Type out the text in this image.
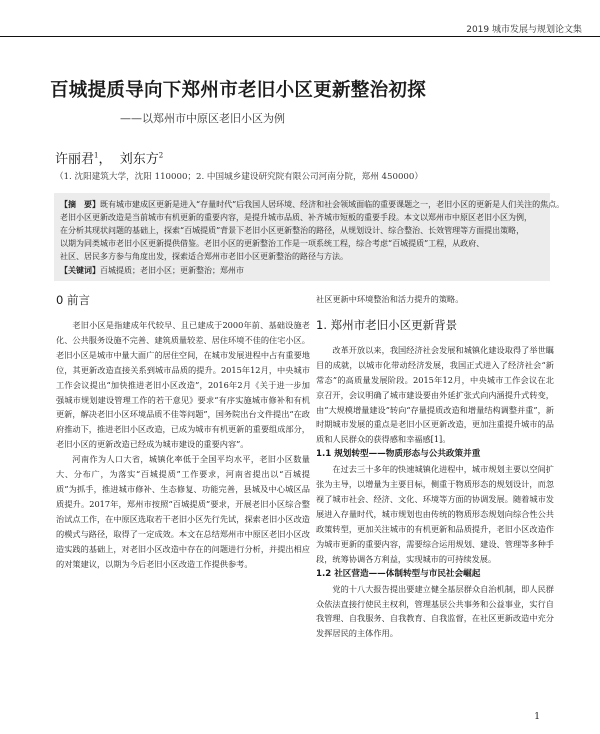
2019 城市发展与规划论文集
百城提质导向下郑州市老旧小区更新整治初探
——以郑州市中原区老旧小区为例
许丽君$^1$，  刘东方$^2$
（1. 沈阳建筑大学，沈阳 110000；2. 中国城乡建设研究院有限公司河南分院，郑州 450000）
【摘　要】既有城市建成区更新是进入“存量时代”后我国人居环境、经济和社会领域面临的重要课题之一，老旧小区的更新是人们关注的焦点。
老旧小区更新改造是当前城市有机更新的重要内容，是提升城市品质、补齐城市短板的重要手段。本文以郑州市中原区老旧小区为例，
在分析其现状问题的基础上，探索“百城提质”背景下老旧小区更新整治的路径，从规划设计、综合整治、长效管理等方面提出策略，
以期为同类城市老旧小区更新提供借鉴。老旧小区的更新整治工作是一项系统工程，综合考虑“百城提质”工程，从政府、
社区、居民多方参与角度出发，探索适合郑州市老旧小区更新整治的路径与方法。
【关键词】百城提质；老旧小区；更新整治；郑州市
0 前言

老旧小区是指建成年代较早、且已建成于2000年前、基础设施老化、公共服务设施不完善、建筑质量较差、居住环境不佳的住宅小区。老旧小区是城市中量大面广的居住空间，在城市发展进程中占有重要地位，其更新改造直接关系到城市品质的提升。2015年12月，中央城市工作会议提出“加快推进老旧小区改造”，2016年2月《关于进一步加强城市规划建设管理工作的若干意见》要求“有序实施城市修补和有机更新，解决老旧小区环境品质不佳等问题”，国务院出台文件提出“在政府推动下，推进老旧小区改造，已成为城市有机更新的重要组成部分，老旧小区的更新改造已经成为城市建设的重要内容”。

河南作为人口大省，城镇化率低于全国平均水平，老旧小区数量大、分布广，为落实“百城提质”工作要求，河南省提出以“百城提质”为抓手，推进城市修补、生态修复、功能完善，县城及中心城区品质提升。2017年，郑州市按照“百城提质”要求，开展老旧小区综合整治试点工作，在中原区选取若干老旧小区先行先试，探索老旧小区改造的模式与路径，取得了一定成效。本文在总结郑州市中原区老旧小区改造实践的基础上，对老旧小区改造中存在的问题进行分析，并提出相应的对策建议，以期为今后老旧小区改造工作提供参考。

社区更新中环境整治和活力提升的策略。

1. 郑州市老旧小区更新背景

改革开放以来，我国经济社会发展和城镇化建设取得了举世瞩目的成就，以城市化带动经济发展，我国正式进入了经济社会“新常态”的高质量发展阶段。2015年12月，中央城市工作会议在北京召开，会议明确了城市建设要由外延扩张式向内涵提升式转变，由“大规模增量建设”转向“存量提质改造和增量结构调整并重”，新时期城市发展的重点是老旧小区更新改造，更加注重提升城市的品质和人民群众的获得感和幸福感[1]。

1.1 规划转型——物质形态与公共政策并重

在过去三十多年的快速城镇化进程中，城市规划主要以空间扩张为主导，以增量为主要目标，侧重于物质形态的规划设计，而忽视了城市社会、经济、文化、环境等方面的协调发展。随着城市发展进入存量时代，城市规划也由传统的物质形态规划向综合性公共政策转型，更加关注城市的有机更新和品质提升，老旧小区改造作为城市更新的重要内容，需要综合运用规划、建设、管理等多种手段，统筹协调各方利益，实现城市的可持续发展。

1.2 社区营造——体制转型与市民社会崛起

党的十八大报告提出要建立健全基层群众自治机制，即人民群众依法直接行使民主权利，管理基层公共事务和公益事业，实行自我管理、自我服务、自我教育、自我监督，在社区更新改造中充分发挥居民的主体作用。

1
